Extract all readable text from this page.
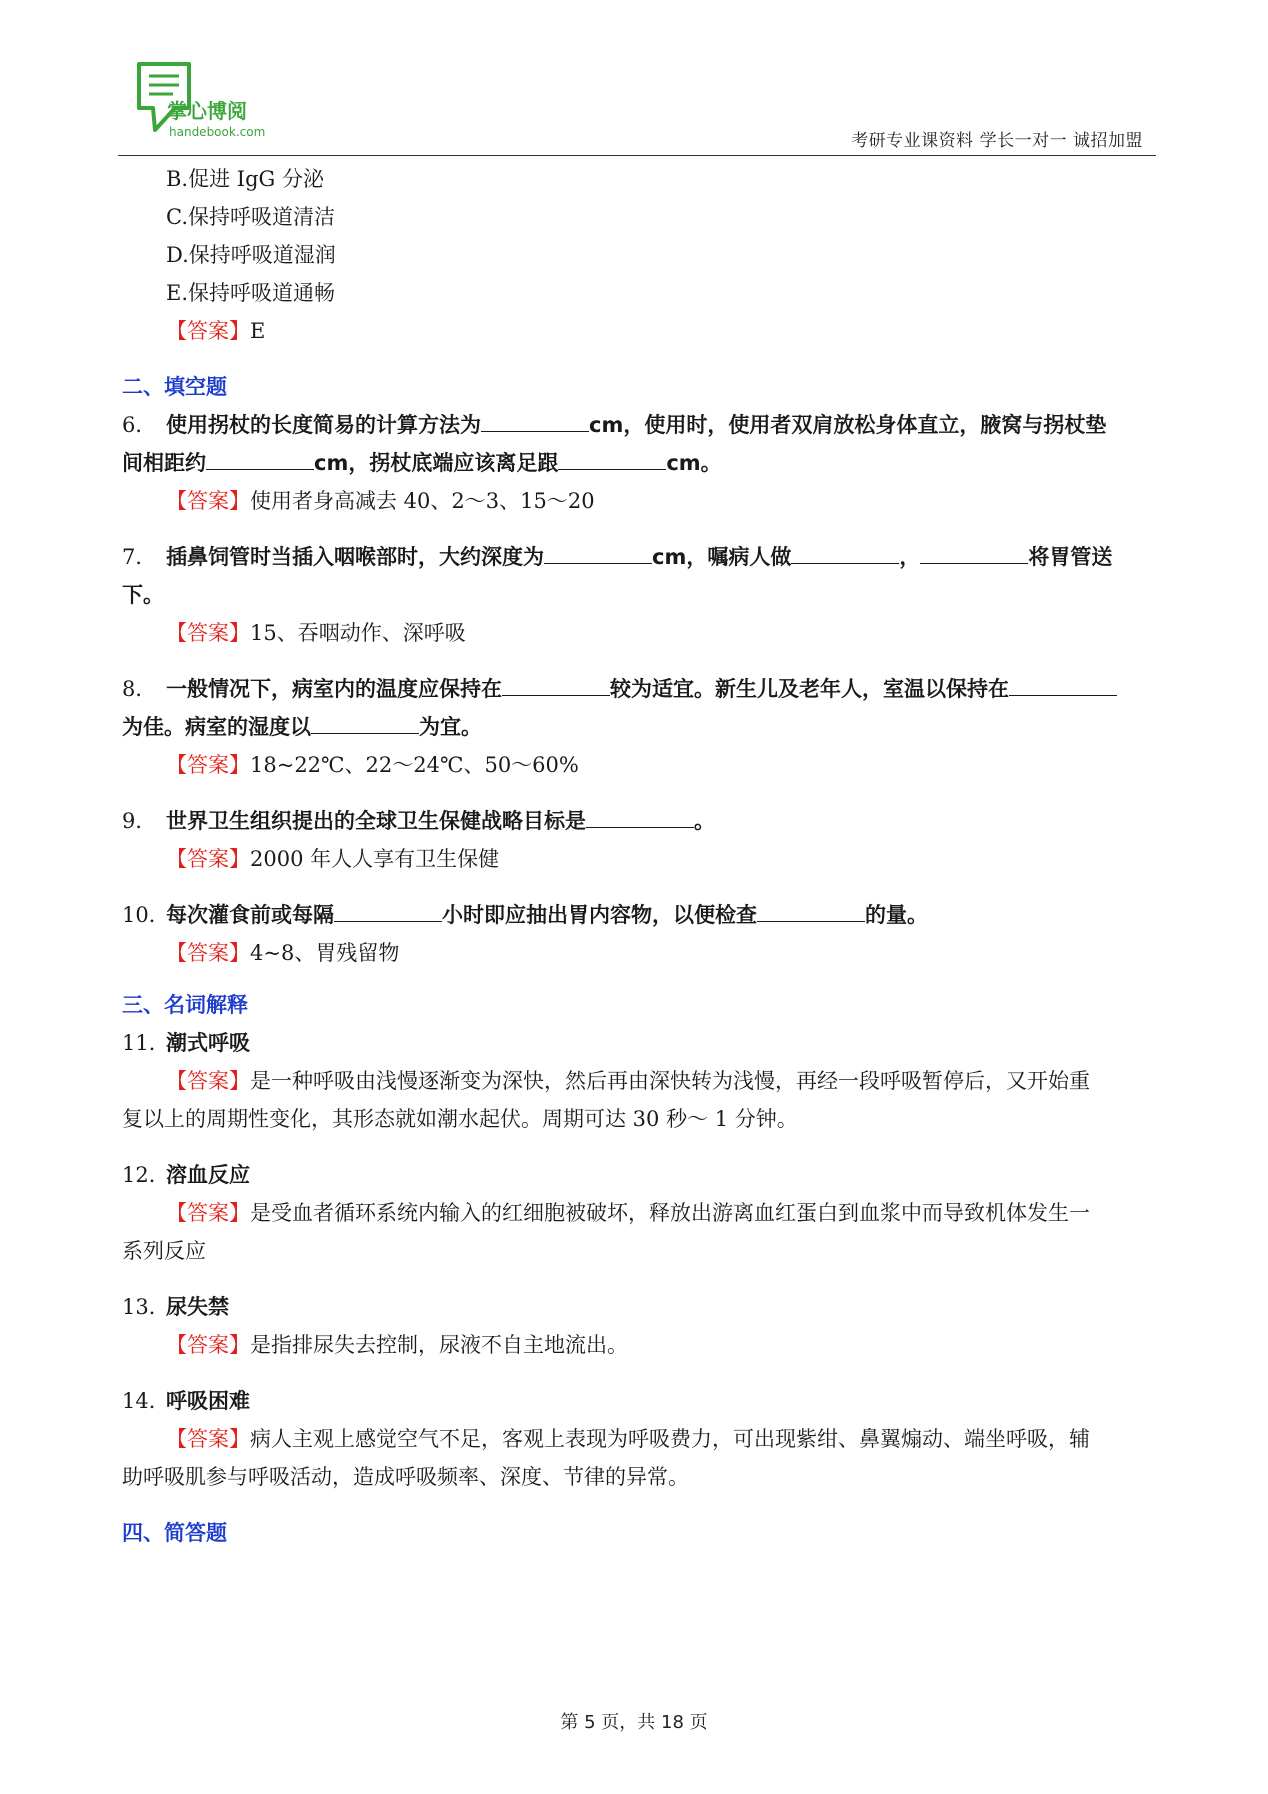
掌心博阅
handebook.com	考研专业课资料 学长一对一 诚招加盟
B.促进 IgG 分泌
C.保持呼吸道清洁
D.保持呼吸道湿润
E.保持呼吸道通畅
【答案】E
二、填空题
6． 使用拐杖的长度简易的计算方法为	cm，使用时，使用者双肩放松身体直立，腋窝与拐杖垫
间相距约	cm，拐杖底端应该离足跟	cm。
【答案】使用者身高减去 40、2～3、15～20
7． 插鼻饲管时当插入咽喉部时，大约深度为	cm，嘱病人做	，	将胃管送
下。
【答案】15、吞咽动作、深呼吸
8． 一般情况下，病室内的温度应保持在	较为适宜。新生儿及老年人，室温以保持在
为佳。病室的湿度以	为宜。
【答案】18~22℃、22～24℃、50～60%
9． 世界卫生组织提出的全球卫生保健战略目标是	。
【答案】2000 年人人享有卫生保健
10．每次灌食前或每隔	小时即应抽出胃内容物，以便检查	的量。
【答案】4~8、胃残留物
三、名词解释
11．潮式呼吸
【答案】是一种呼吸由浅慢逐渐变为深快，然后再由深快转为浅慢，再经一段呼吸暂停后，又开始重
复以上的周期性变化，其形态就如潮水起伏。周期可达 30 秒～ 1 分钟。
12．溶血反应
【答案】是受血者循环系统内输入的红细胞被破坏，释放出游离血红蛋白到血浆中而导致机体发生一
系列反应
13．尿失禁
【答案】是指排尿失去控制，尿液不自主地流出。
14．呼吸困难
【答案】病人主观上感觉空气不足，客观上表现为呼吸费力，可出现紫绀、鼻翼煽动、端坐呼吸，辅
助呼吸肌参与呼吸活动，造成呼吸频率、深度、节律的异常。
四、简答题
第 5 页，共 18 页
